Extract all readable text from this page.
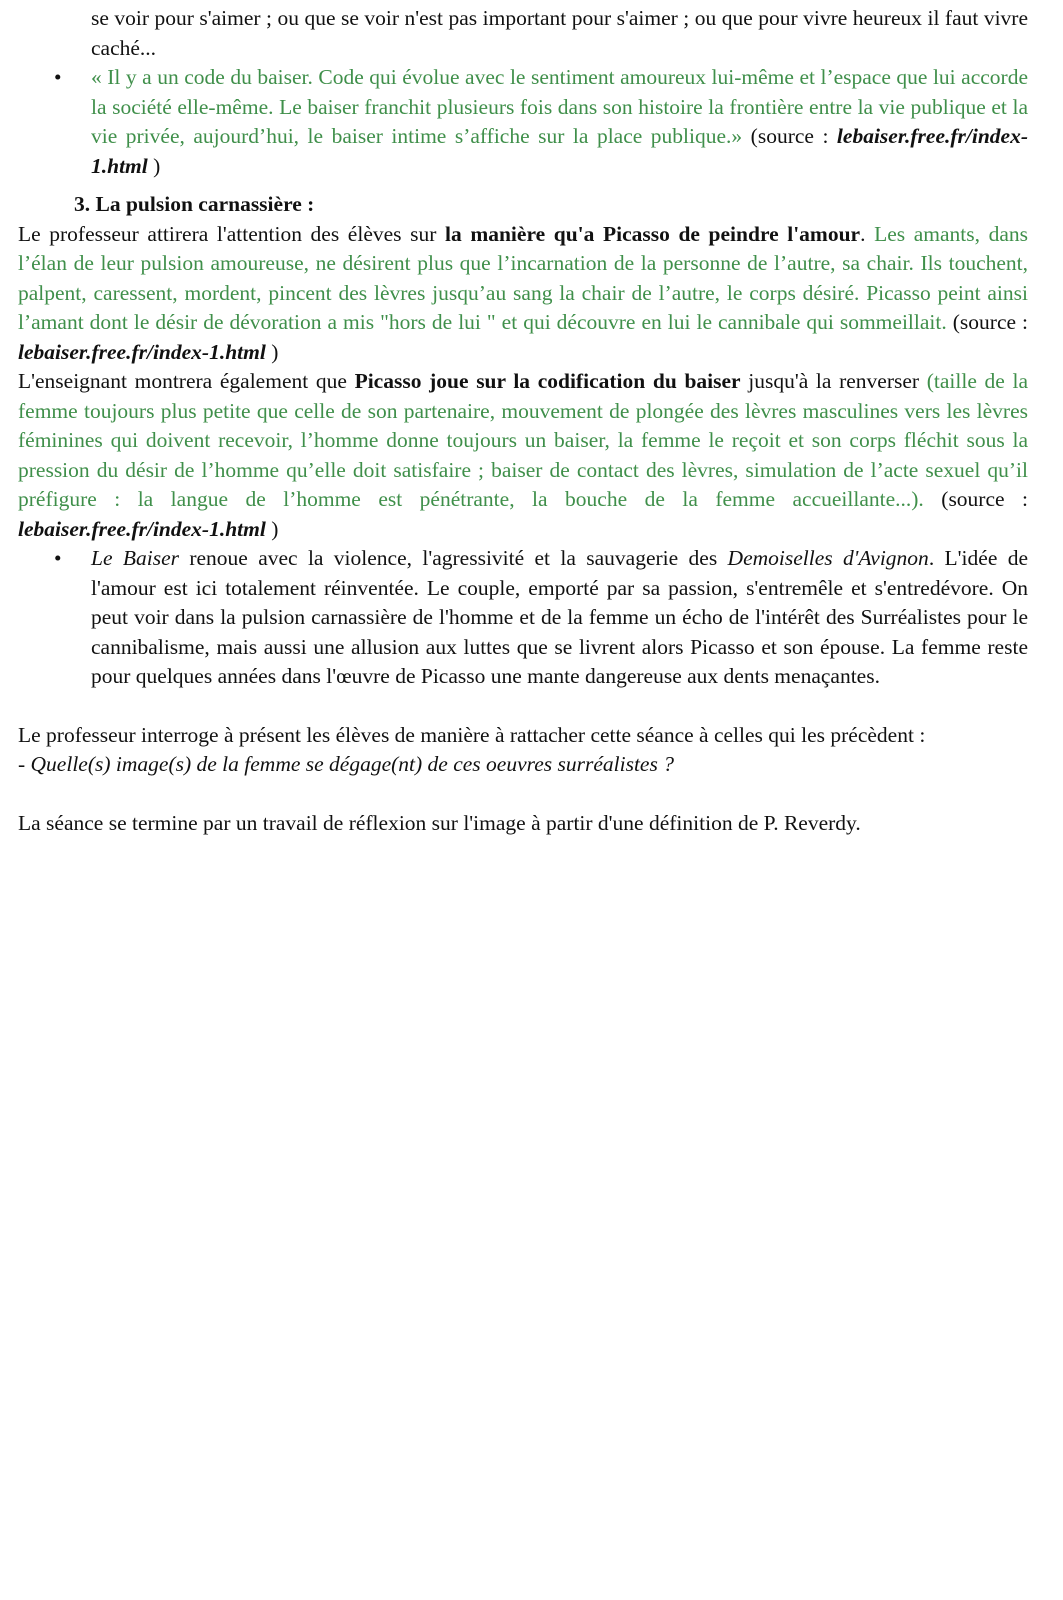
se voir pour s'aimer ; ou que se voir n'est pas important pour s'aimer ; ou que pour vivre heureux il faut vivre caché...

• « Il y a un code du baiser. Code qui évolue avec le sentiment amoureux lui-même et l’espace que lui accorde la société elle-même. Le baiser franchit plusieurs fois dans son histoire la frontière entre la vie publique et la vie privée, aujourd’hui, le baiser intime s’affiche sur la place publique.» (source : lebaiser.free.fr/index-1.html )

3. La pulsion carnassière :

Le professeur attirera l'attention des élèves sur la manière qu'a Picasso de peindre l'amour. Les amants, dans l’élan de leur pulsion amoureuse, ne désirent plus que l’incarnation de la personne de l’autre, sa chair. Ils touchent, palpent, caressent, mordent, pincent des lèvres jusqu’au sang la chair de l’autre, le corps désiré. Picasso peint ainsi l’amant dont le désir de dévoration a mis "hors de lui " et qui découvre en lui le cannibale qui sommeillait. (source : lebaiser.free.fr/index-1.html )

L'enseignant montrera également que Picasso joue sur la codification du baiser jusqu'à la renverser (taille de la femme toujours plus petite que celle de son partenaire, mouvement de plongée des lèvres masculines vers les lèvres féminines qui doivent recevoir, l’homme donne toujours un baiser, la femme le reçoit et son corps fléchit sous la pression du désir de l’homme qu’elle doit satisfaire ; baiser de contact des lèvres, simulation de l’acte sexuel qu’il préfigure : la langue de l’homme est pénétrante, la bouche de la femme accueillante...). (source : lebaiser.free.fr/index-1.html )

• Le Baiser renoue avec la violence, l'agressivité et la sauvagerie des Demoiselles d'Avignon. L'idée de l'amour est ici totalement réinventée. Le couple, emporté par sa passion, s'entremêle et s'entredévore. On peut voir dans la pulsion carnassière de l'homme et de la femme un écho de l'intérêt des Surréalistes pour le cannibalisme, mais aussi une allusion aux luttes que se livrent alors Picasso et son épouse. La femme reste pour quelques années dans l'œuvre de Picasso une mante dangereuse aux dents menaçantes.

Le professeur interroge à présent les élèves de manière à rattacher cette séance à celles qui les précèdent :

- Quelle(s) image(s) de la femme se dégage(nt) de ces oeuvres surréalistes ?

La séance se termine par un travail de réflexion sur l'image à partir d'une définition de P. Reverdy.
